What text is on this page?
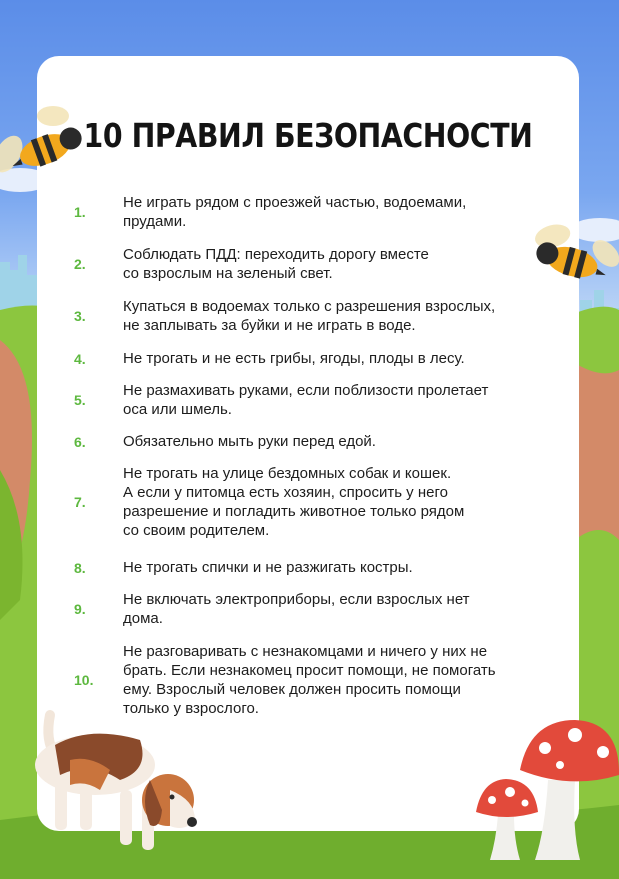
10 ПРАВИЛ БЕЗОПАСНОСТИ
1.
Не играть рядом с проезжей частью, водоемами,
прудами.
2.
Соблюдать ПДД: переходить дорогу вместе
со взрослым на зеленый свет.
3.
Купаться в водоемах только с разрешения взрослых,
не заплывать за буйки и не играть в воде.
4.	Не трогать и не есть грибы, ягоды, плоды в лесу.
5.
Не размахивать руками, если поблизости пролетает
оса или шмель.
6.	Обязательно мыть руки перед едой.
7.
Не трогать на улице бездомных собак и кошек.
А если у питомца есть хозяин, спросить у него
разрешение и погладить животное только рядом
со своим родителем.
8.	Не трогать спички и не разжигать костры.
9.
Не включать электроприборы, если взрослых нет
дома.
10.
Не разговаривать с незнакомцами и ничего у них не
брать. Если незнакомец просит помощи, не помогать
ему. Взрослый человек должен просить помощи
только у взрослого.
